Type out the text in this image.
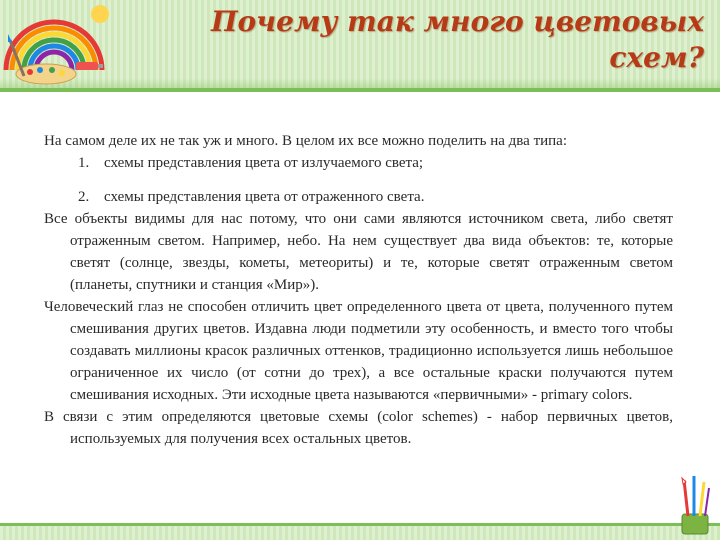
Почему так много цветовых схем?

На самом деле их не так уж и много. В целом их все можно поделить на два типа:

1. схемы представления цвета от излучаемого света;
2. схемы представления цвета от отраженного света.

Все объекты видимы для нас потому, что они сами являются источником света, либо светят отраженным светом. Например, небо. На нем существует два вида объектов: те, которые светят (солнце, звезды, кометы, метеориты) и те, которые светят отраженным светом (планеты, спутники и станция «Мир»).

Человеческий глаз не способен отличить цвет определенного цвета от цвета, полученного путем смешивания других цветов. Издавна люди подметили эту особенность, и вместо того чтобы создавать миллионы красок различных оттенков, традиционно используется лишь небольшое ограниченное их число (от сотни до трех), а все остальные краски получаются путем смешивания исходных. Эти исходные цвета называются «первичными» - primary colors.

В связи с этим определяются цветовые схемы (color schemes) - набор первичных цветов, используемых для получения всех остальных цветов.
